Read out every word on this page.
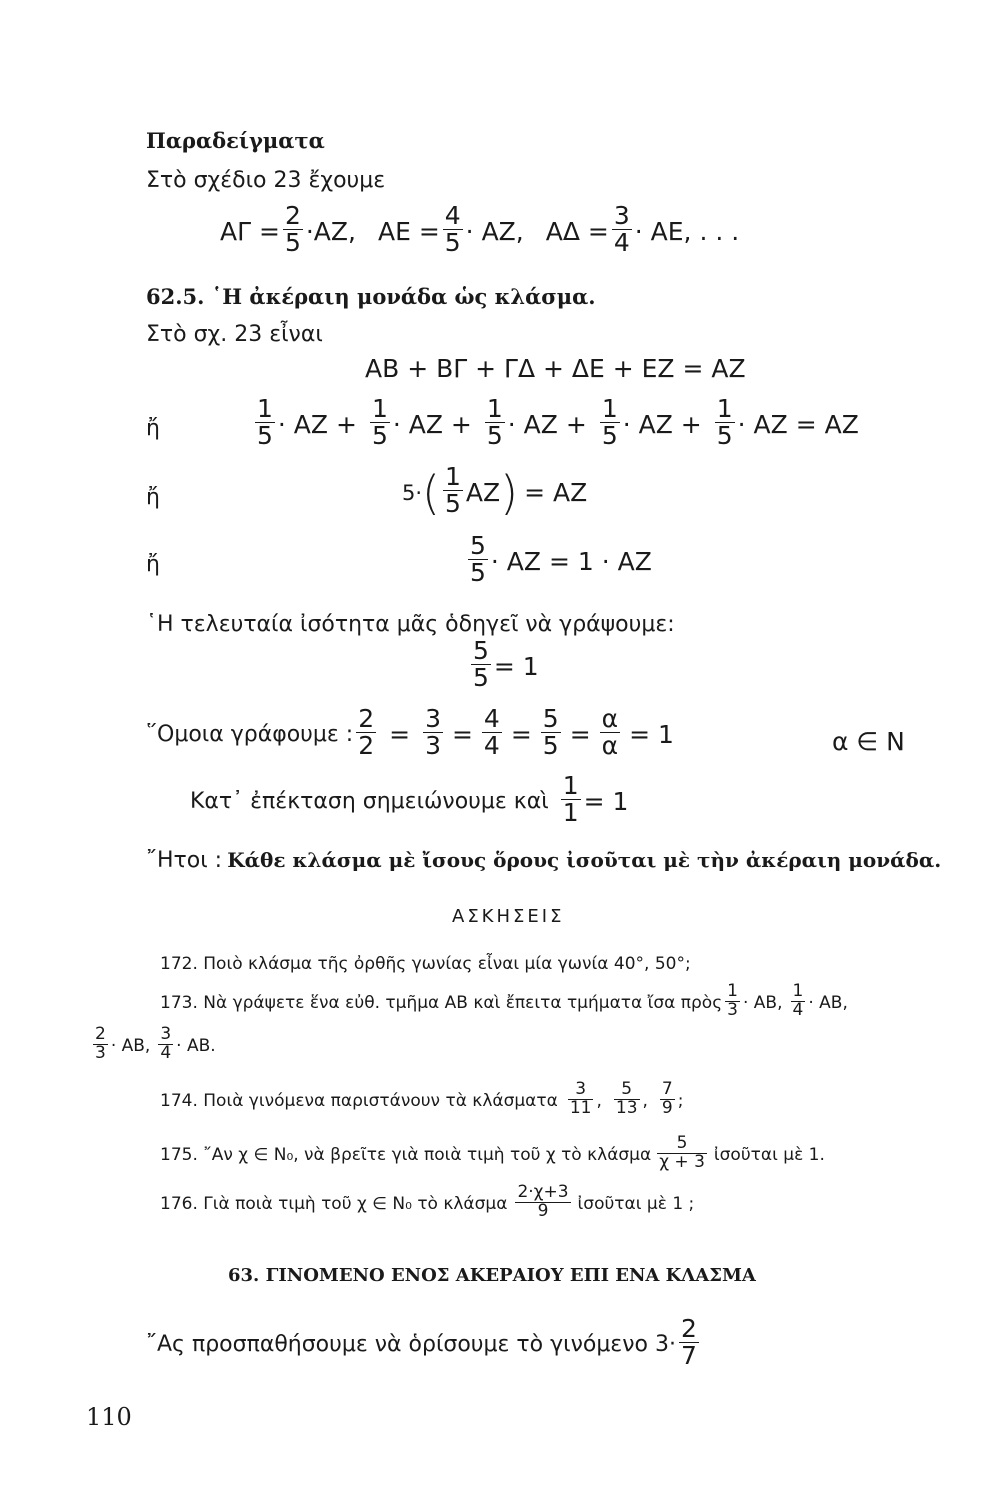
Παραδείγματα
Στὸ σχέδιο 23 ἔχουμε
$A\Gamma = \frac{2}{5} \cdot AZ$, $AE = \frac{4}{5} \cdot AZ$, $A\Delta = \frac{3}{4} \cdot AE$, . . .
62.5. ῾Η ἀκέραιη μονάδα ὡς κλάσμα.
Στὸ σχ. 23 εἶναι
ΑΒ + ΒΓ + ΓΔ + ΔΕ + ΕΖ = ΑΖ
ἤ	$\frac{1}{5} \cdot AZ + \frac{1}{5} \cdot AZ + \frac{1}{5} \cdot AZ + \frac{1}{5} \cdot AZ + \frac{1}{5} \cdot AZ = AZ$
ἤ	5· ( $\frac{1}{5}$ ΑΖ ) = ΑΖ
ἤ	$\frac{5}{5} \cdot AZ = 1 \cdot AZ$
῾Η τελευταία ἰσότητα μᾶς ὁδηγεῖ νὰ γράψουμε:
$\frac{5}{5} = 1$
῞Ομοια γράφουμε : $\frac{2}{2} = \frac{3}{3} = \frac{4}{4} = \frac{5}{5} = \frac{\alpha}{\alpha} = 1$	α ∈ Ν
Κατ᾿ ἐπέκταση σημειώνουμε καὶ $\frac{1}{1} = 1$
῎Ητοι : Κάθε κλάσμα μὲ ἴσους ὅρους ἰσοῦται μὲ τὴν ἀκέραιη μονάδα.
ΑΣΚΗΣΕΙΣ
172. Ποιὸ κλάσμα τῆς ὀρθῆς γωνίας εἶναι μία γωνία 40°, 50°;
173. Νὰ γράψετε ἕνα εὐθ. τμῆμα ΑΒ καὶ ἔπειτα τμήματα ἴσα πρὸς $\frac{1}{3} \cdot AB$, $\frac{1}{4} \cdot AB$,
$\frac{2}{3} \cdot AB$, $\frac{3}{4} \cdot AB$.
174. Ποιὰ γινόμενα παριστάνουν τὰ κλάσματα $\frac{3}{11}$ , $\frac{5}{13}$ , $\frac{7}{9}$ ;
175. ῎Αν χ ∈ Ν₀, νὰ βρεῖτε γιὰ ποιὰ τιμὴ τοῦ χ τὸ κλάσμα $\frac{5}{\chi + 3}$ ἰσοῦται μὲ 1.
176. Γιὰ ποιὰ τιμὴ τοῦ χ ∈ Ν₀ τὸ κλάσμα $\frac{2\cdot\chi+3}{9}$ ἰσοῦται μὲ 1 ;
63. ΓΙΝΟΜΕΝΟ ΕΝΟΣ ΑΚΕΡΑΙΟΥ ΕΠΙ ΕΝΑ ΚΛΑΣΜΑ
῎Ας προσπαθήσουμε νὰ ὁρίσουμε τὸ γινόμενο $3\cdot \frac{2}{7}$
110
